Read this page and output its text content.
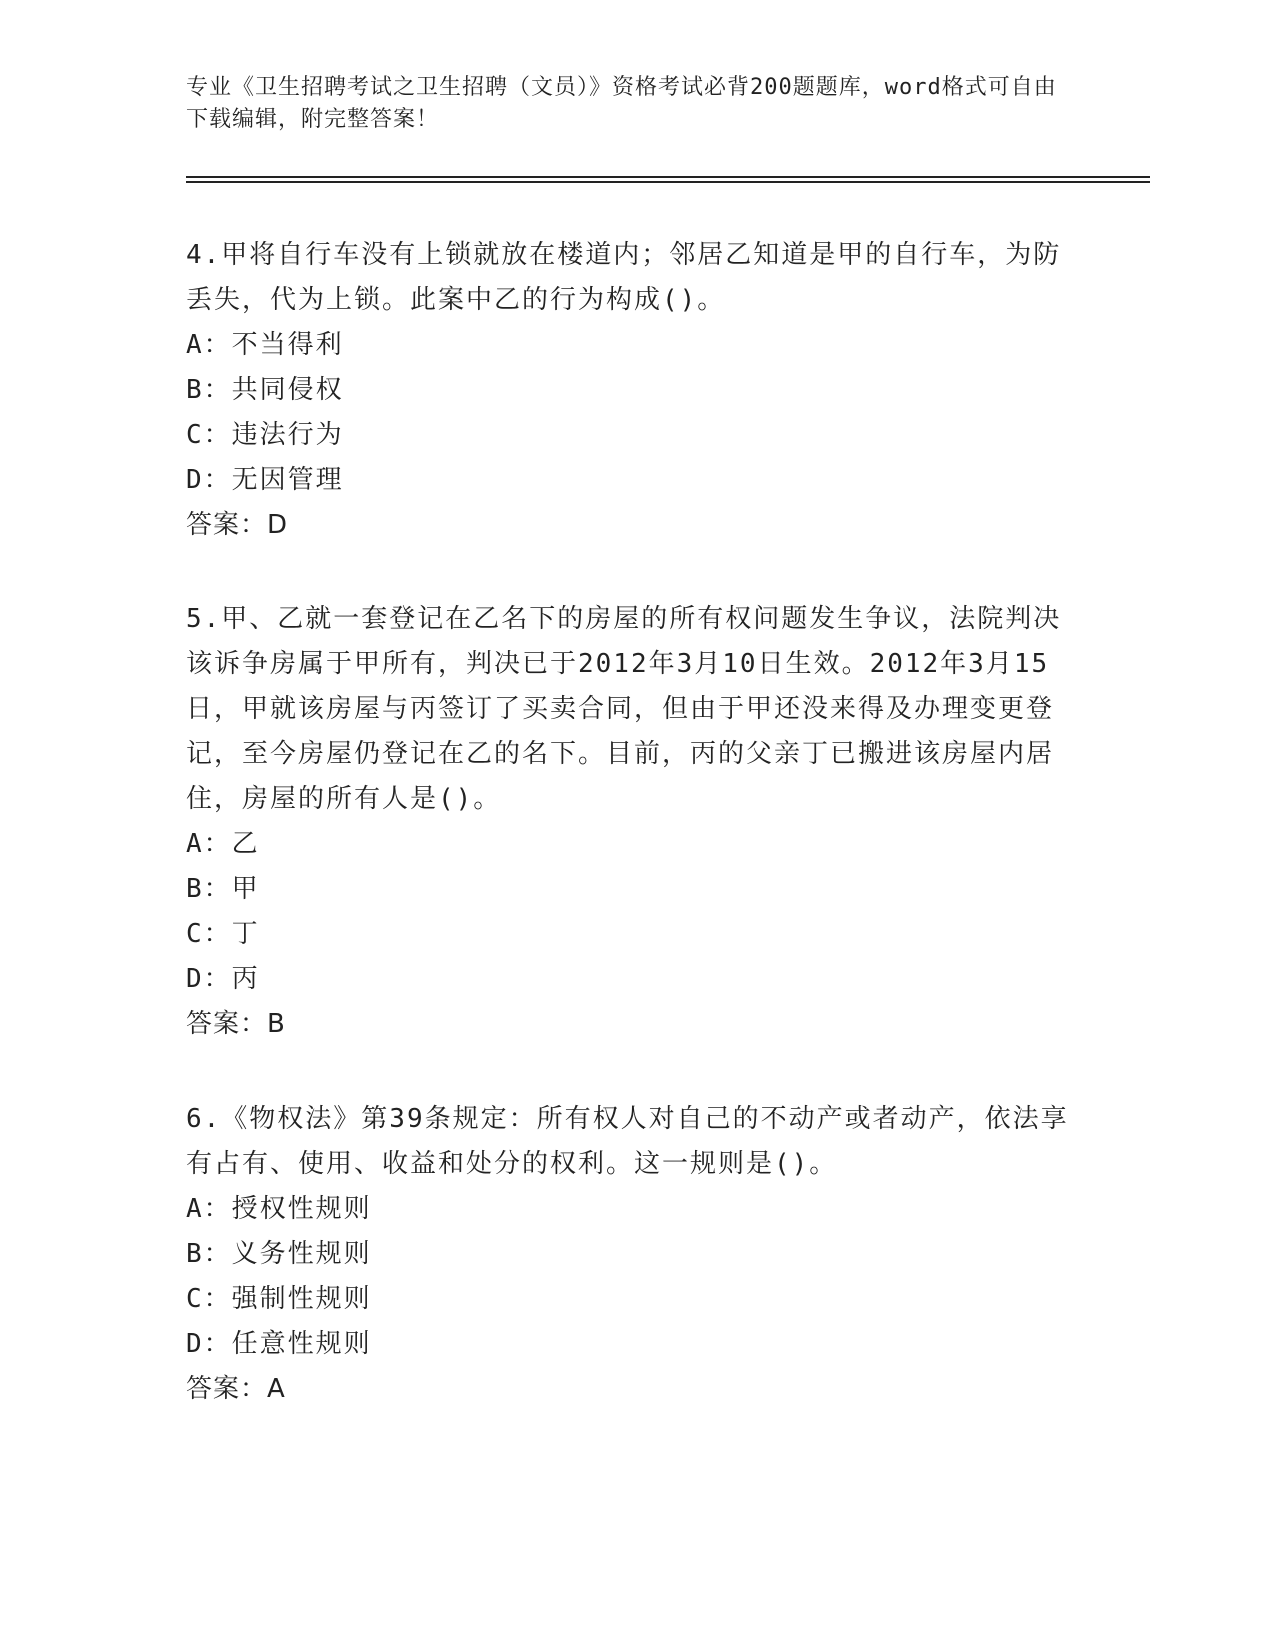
专业《卫生招聘考试之卫生招聘（文员）》资格考试必背200题题库，word格式可自由下载编辑，附完整答案！

4.甲将自行车没有上锁就放在楼道内；邻居乙知道是甲的自行车，为防丢失，代为上锁。此案中乙的行为构成()。

A：不当得利

B：共同侵权

C：违法行为

D：无因管理

答案：D

5.甲、乙就一套登记在乙名下的房屋的所有权问题发生争议，法院判决该诉争房属于甲所有，判决已于2012年3月10日生效。2012年3月15日，甲就该房屋与丙签订了买卖合同，但由于甲还没来得及办理变更登记，至今房屋仍登记在乙的名下。目前，丙的父亲丁已搬进该房屋内居住，房屋的所有人是()。

A：乙

B：甲

C：丁

D：丙

答案：B

6.《物权法》第39条规定：所有权人对自己的不动产或者动产，依法享有占有、使用、收益和处分的权利。这一规则是()。

A：授权性规则

B：义务性规则

C：强制性规则

D：任意性规则

答案：A
